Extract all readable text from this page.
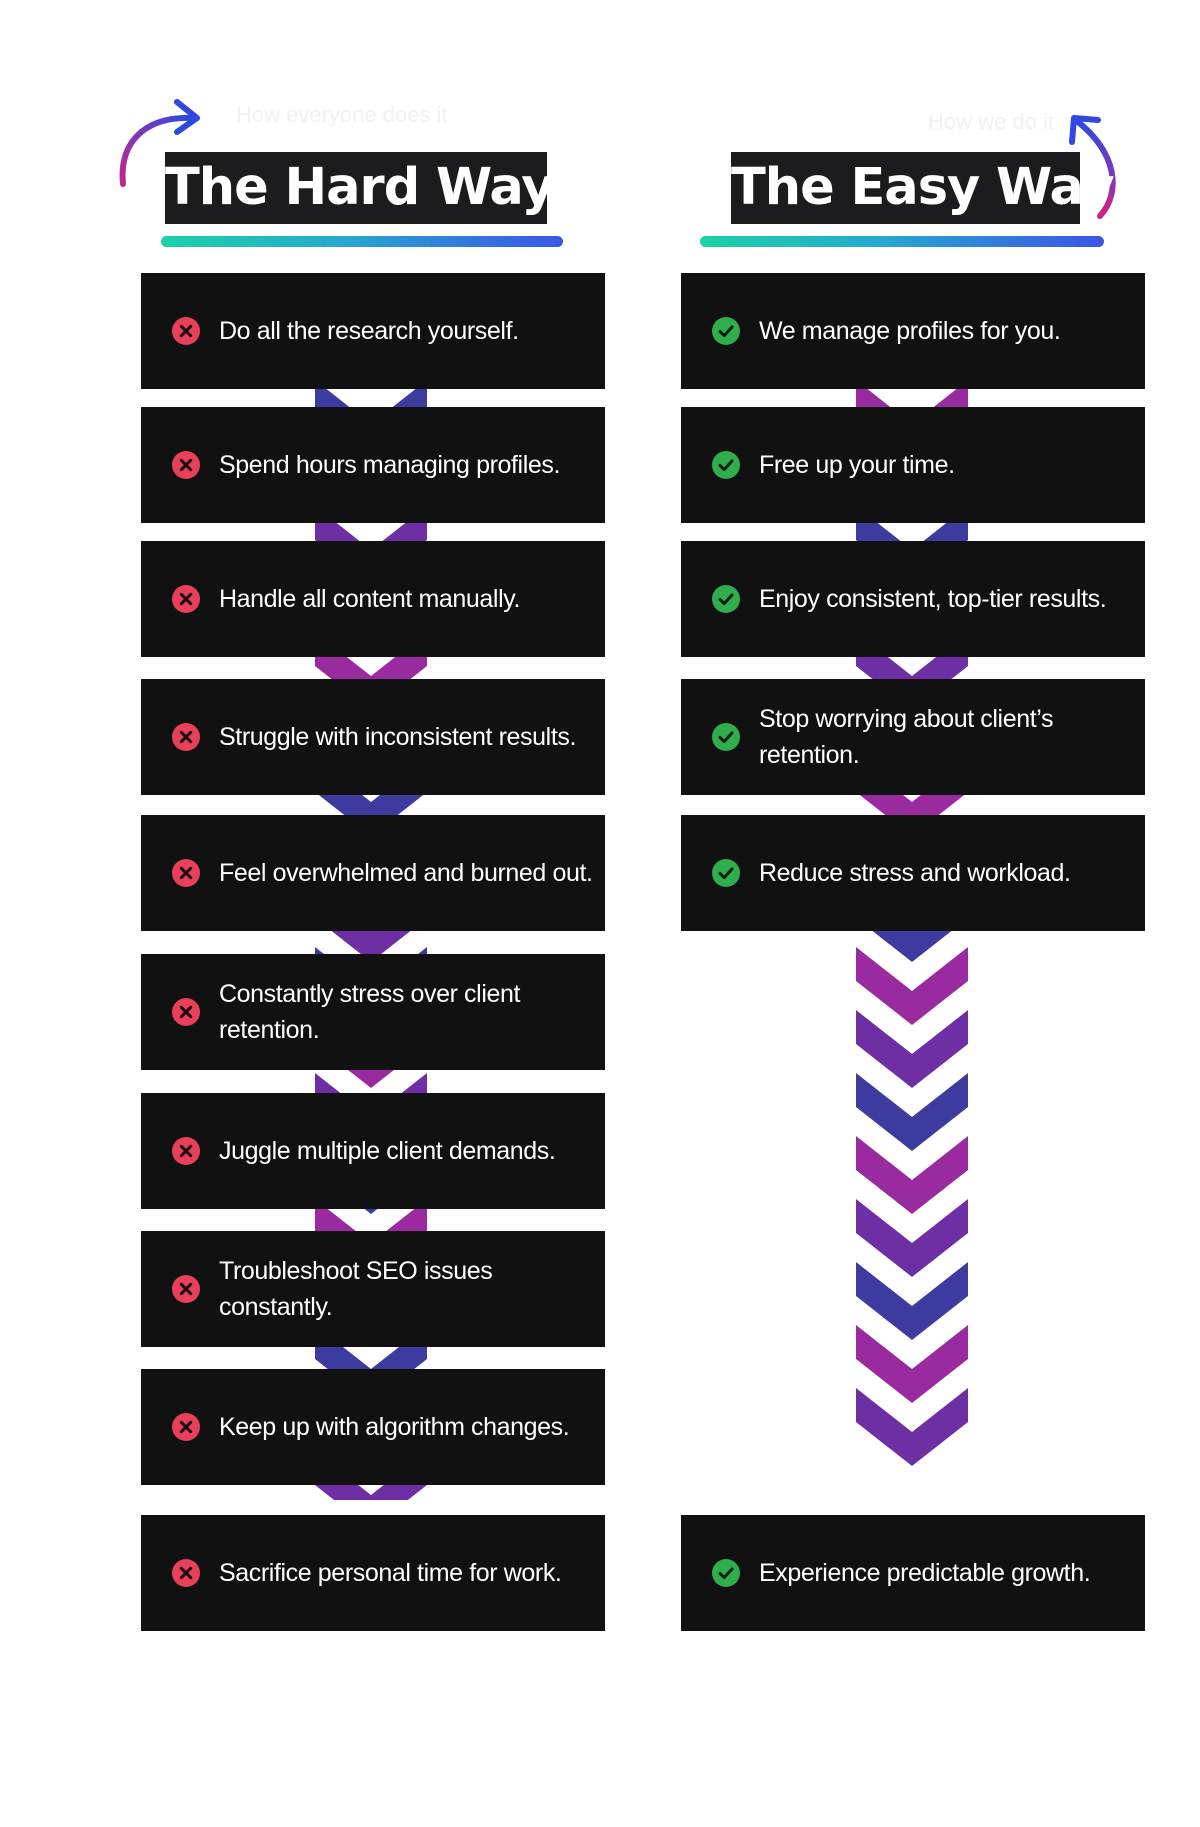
How everyone does it
The Hard Way
How we do it
The Easy Way
Do all the research yourself.
Spend hours managing profiles.
Handle all content manually.
Struggle with inconsistent results.
Feel overwhelmed and burned out.
Constantly stress over client retention.
Juggle multiple client demands.
Troubleshoot SEO issues constantly.
Keep up with algorithm changes.
Sacrifice personal time for work.
We manage profiles for you.
Free up your time.
Enjoy consistent, top-tier results.
Stop worrying about client’s retention.
Reduce stress and workload.
Experience predictable growth.
